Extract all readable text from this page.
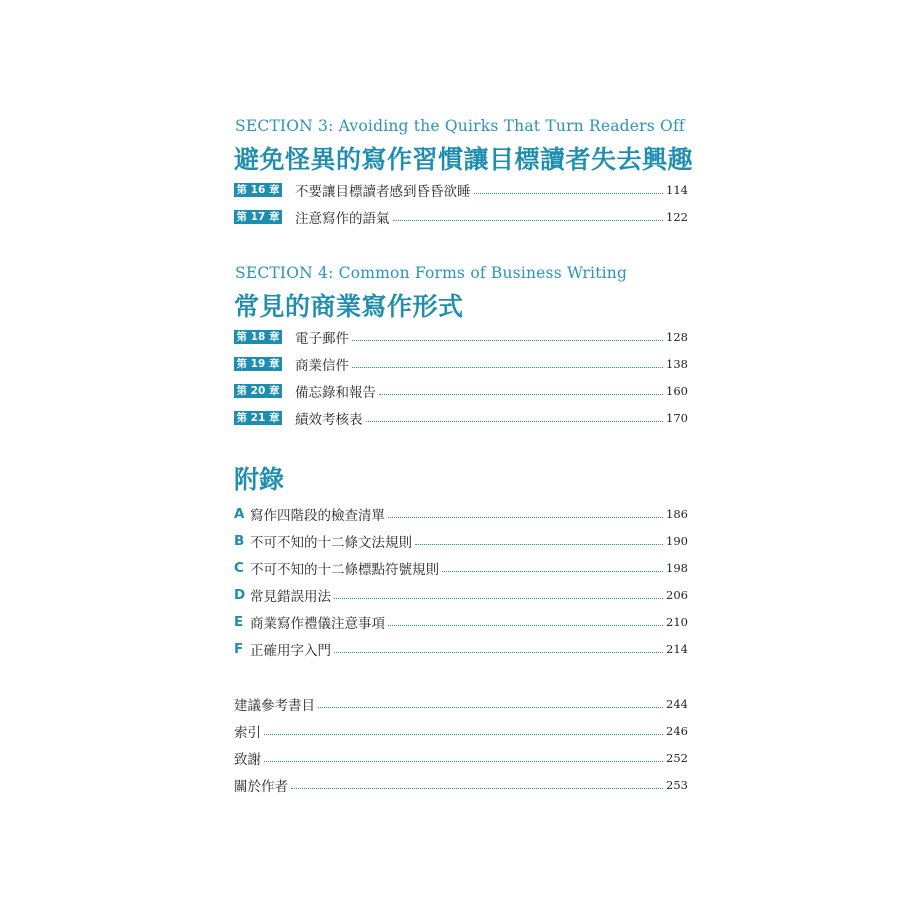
SECTION 3: Avoiding the Quirks That Turn Readers Off
避免怪異的寫作習慣讓目標讀者失去興趣
第 16 章 不要讓目標讀者感到昏昏欲睡	114
第 17 章 注意寫作的語氣	122
SECTION 4: Common Forms of Business Writing
常見的商業寫作形式
第 18 章 電子郵件	128
第 19 章 商業信件	138
第 20 章 備忘錄和報告	160
第 21 章 績效考核表	170
附錄
A 寫作四階段的檢查清單	186
B 不可不知的十二條文法規則	190
C 不可不知的十二條標點符號規則	198
D 常見錯誤用法	206
E 商業寫作禮儀注意事項	210
F 正確用字入門	214
建議參考書目	244
索引	246
致謝	252
關於作者	253
